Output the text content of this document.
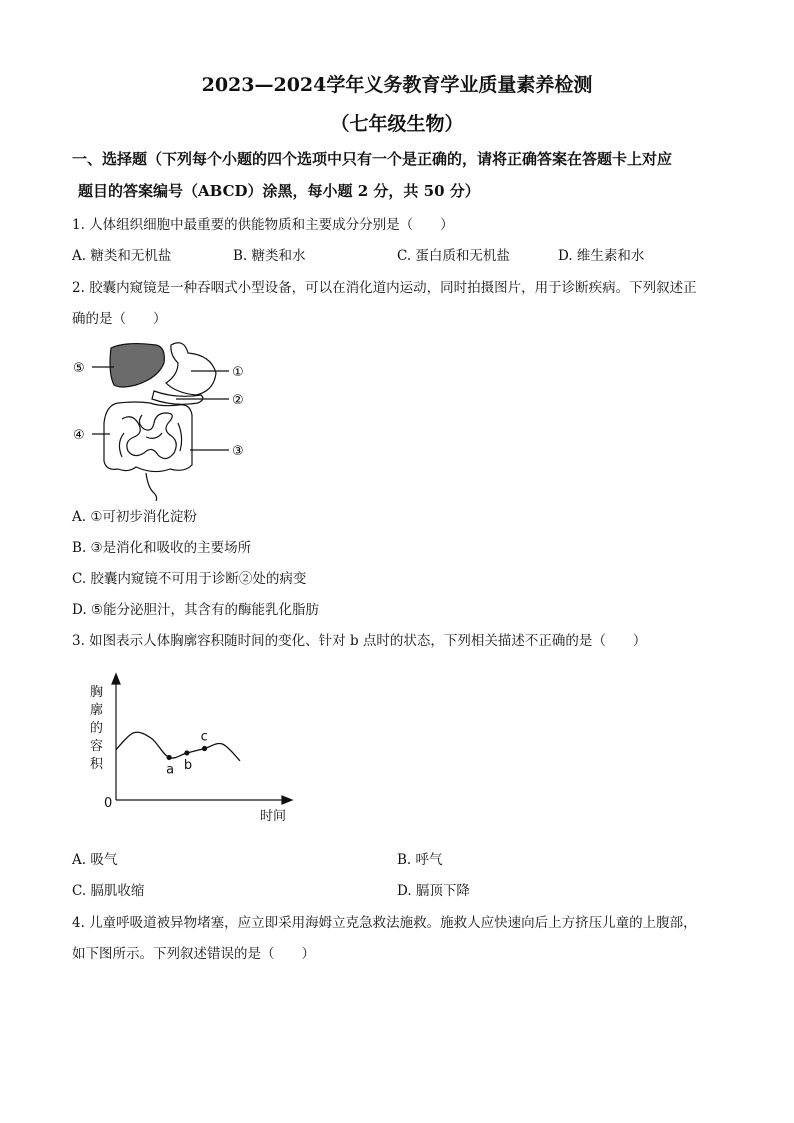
2023—2024学年义务教育学业质量素养检测
（七年级生物）
一、选择题（下列每个小题的四个选项中只有一个是正确的，请将正确答案在答题卡上对应
题目的答案编号（ABCD）涂黑，每小题 2 分，共 50 分）
1. 人体组织细胞中最重要的供能物质和主要成分分别是（　　）
A. 糖类和无机盐	B. 糖类和水	C. 蛋白质和无机盐	D. 维生素和水
2. 胶囊内窥镜是一种吞咽式小型设备，可以在消化道内运动，同时拍摄图片，用于诊断疾病。下列叙述正
确的是（　　）
⑤	①
②
④
③
A. ①可初步消化淀粉
B. ③是消化和吸收的主要场所
C. 胶囊内窥镜不可用于诊断②处的病变
D. ⑤能分泌胆汁，其含有的酶能乳化脂肪
3. 如图表示人体胸廓容积随时间的变化、针对 b 点时的状态，下列相关描述不正确的是（　　）
胸
廓
的
容
积
0
时间
a b
c
A. 吸气	B. 呼气
C. 膈肌收缩	D. 膈顶下降
4. 儿童呼吸道被异物堵塞，应立即采用海姆立克急救法施救。施救人应快速向后上方挤压儿童的上腹部，
如下图所示。下列叙述错误的是（　　）
